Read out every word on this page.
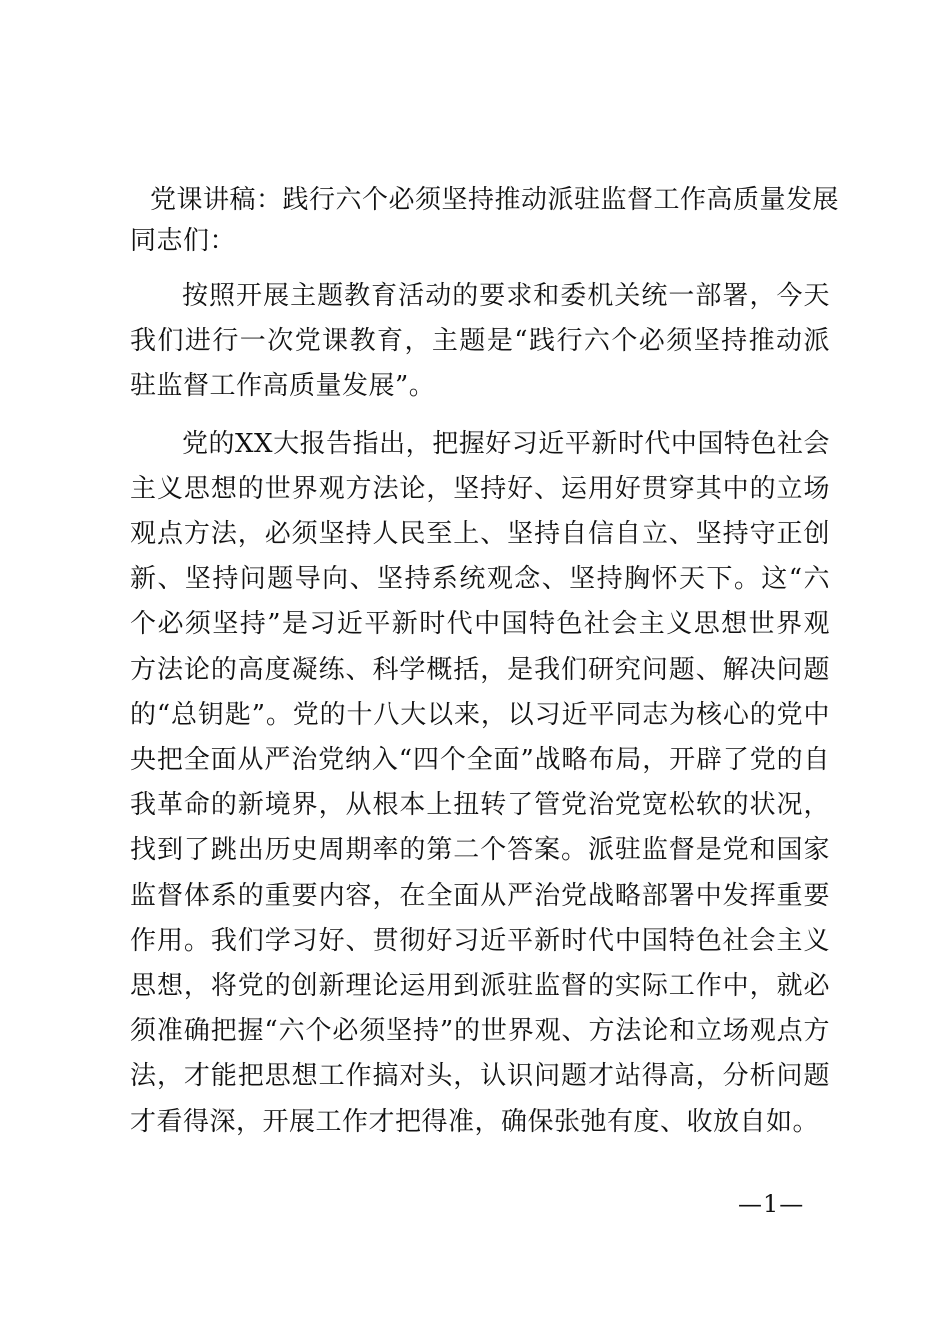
党课讲稿：践行六个必须坚持推动派驻监督工作高质量发展

同志们：

按照开展主题教育活动的要求和委机关统一部署，今天我们进行一次党课教育，主题是“践行六个必须坚持推动派驻监督工作高质量发展”。

党的XX大报告指出，把握好习近平新时代中国特色社会主义思想的世界观方法论，坚持好、运用好贯穿其中的立场观点方法，必须坚持人民至上、坚持自信自立、坚持守正创新、坚持问题导向、坚持系统观念、坚持胸怀天下。这“六个必须坚持”是习近平新时代中国特色社会主义思想世界观方法论的高度凝练、科学概括，是我们研究问题、解决问题的“总钥匙”。党的十八大以来，以习近平同志为核心的党中央把全面从严治党纳入“四个全面”战略布局，开辟了党的自我革命的新境界，从根本上扭转了管党治党宽松软的状况，找到了跳出历史周期率的第二个答案。派驻监督是党和国家监督体系的重要内容，在全面从严治党战略部署中发挥重要作用。我们学习好、贯彻好习近平新时代中国特色社会主义思想，将党的创新理论运用到派驻监督的实际工作中，就必须准确把握“六个必须坚持”的世界观、方法论和立场观点方法，才能把思想工作搞对头，认识问题才站得高，分析问题才看得深，开展工作才把得准，确保张弛有度、收放自如。

—1—
